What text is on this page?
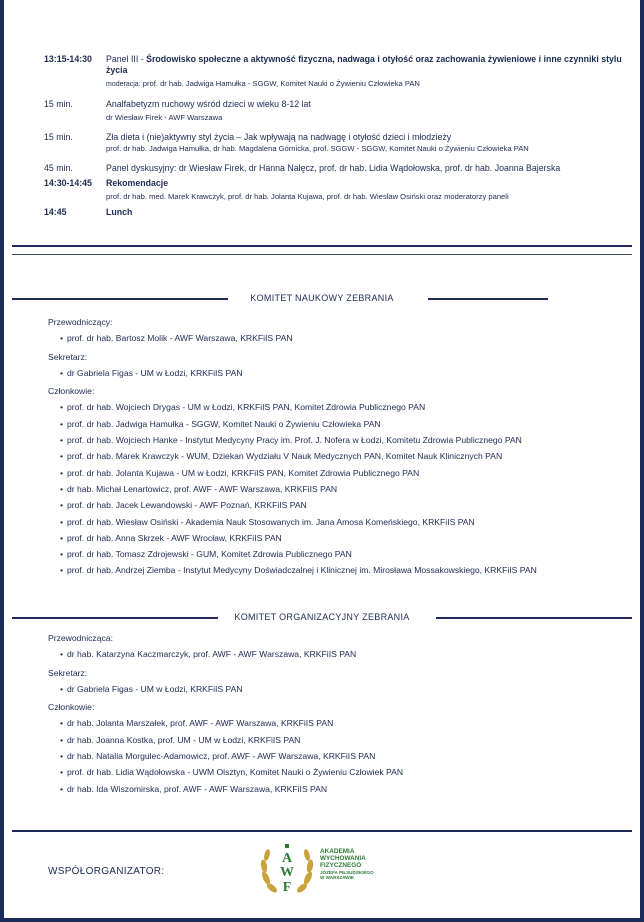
13:15-14:30	Panel III - Środowisko społeczne a aktywność fizyczna, nadwaga i otyłość oraz zachowania żywieniowe i inne czynniki stylu życia
moderacja: prof. dr hab. Jadwiga Hamułka - SGGW, Komitet Nauki o Żywieniu Człowieka PAN
15 min.	Analfabetyzm ruchowy wśród dzieci w wieku 8-12 lat
dr Wiesław Firek - AWF Warszawa
15 min.	Zła dieta i (nie)aktywny styl życia – Jak wpływają na nadwagę i otyłość dzieci i młodzieży
prof. dr hab. Jadwiga Hamułka, dr hab. Magdalena Górnicka, prof. SGGW - SGGW, Komitet Nauki o Żywieniu Człowieka PAN
45 min.	Panel dyskusyjny: dr Wiesław Firek, dr Hanna Nałęcz, prof. dr hab. Lidia Wądołowska, prof. dr hab. Joanna Bajerska
14:30-14:45	Rekomendacje
prof. dr hab. med. Marek Krawczyk, prof. dr hab. Jolanta Kujawa, prof. dr hab. Wiesław Osiński oraz moderatorzy paneli
14:45	Lunch
KOMITET NAUKOWY ZEBRANIA
Przewodniczący:
• prof. dr hab. Bartosz Molik - AWF Warszawa, KRKFiIS PAN
Sekretarz:
• dr Gabriela Figas - UM w Łodzi, KRKFiIS PAN
Członkowie:
• prof. dr hab. Wojciech Drygas - UM w Łodzi, KRKFiIS PAN, Komitet Zdrowia Publicznego PAN
• prof. dr hab. Jadwiga Hamułka - SGGW, Komitet Nauki o Żywieniu Człowieka PAN
• prof. dr hab. Wojciech Hanke - Instytut Medycyny Pracy im. Prof. J. Nofera w Łodzi, Komitetu Zdrowia Publicznego PAN
• prof. dr hab. Marek Krawczyk - WUM, Dziekan Wydziału V Nauk Medycznych PAN, Komitet Nauk Klinicznych PAN
• prof. dr hab. Jolanta Kujawa - UM w Łodzi, KRKFiIS PAN, Komitet Zdrowia Publicznego PAN
• dr hab. Michał Lenartowicz, prof. AWF - AWF Warszawa, KRKFiIS PAN
• prof. dr hab. Jacek Lewandowski - AWF Poznań, KRKFiIS PAN
• prof. dr hab. Wiesław Osiński - Akademia Nauk Stosowanych im. Jana Amosa Komeńskiego, KRKFiIS PAN
• prof. dr hab. Anna Skrzek - AWF Wrocław, KRKFiIS PAN
• prof. dr hab. Tomasz Zdrojewski - GUM, Komitet Zdrowia Publicznego PAN
• prof. dr hab. Andrzej Ziemba - Instytut Medycyny Doświadczalnej i Klinicznej im. Mirosława Mossakowskiego, KRKFiIS PAN
KOMITET ORGANIZACYJNY ZEBRANIA
Przewodnicząca:
• dr hab. Katarzyna Kaczmarczyk, prof. AWF - AWF Warszawa, KRKFiIS PAN
Sekretarz:
• dr Gabriela Figas - UM w Łodzi, KRKFiIS PAN
Członkowie:
• dr hab. Jolanta Marszałek, prof. AWF - AWF Warszawa, KRKFiIS PAN
• dr hab. Joanna Kostka, prof. UM - UM w Łodzi, KRKFiIS PAN
• dr hab. Natalia Morgulec-Adamowicz, prof. AWF - AWF Warszawa, KRKFiIS PAN
• prof. dr hab. Lidia Wądołowska - UWM Olsztyn, Komitet Nauki o Żywieniu Człowiek PAN
• dr hab. Ida Wiszomirska, prof. AWF - AWF Warszawa, KRKFiIS PAN
WSPÓŁORGANIZATOR:
A
W
F
AKADEMIA
WYCHOWANIA
FIZYCZNEGO
JÓZEFA PIŁSUDSKIEGO
W WARSZAWIE
